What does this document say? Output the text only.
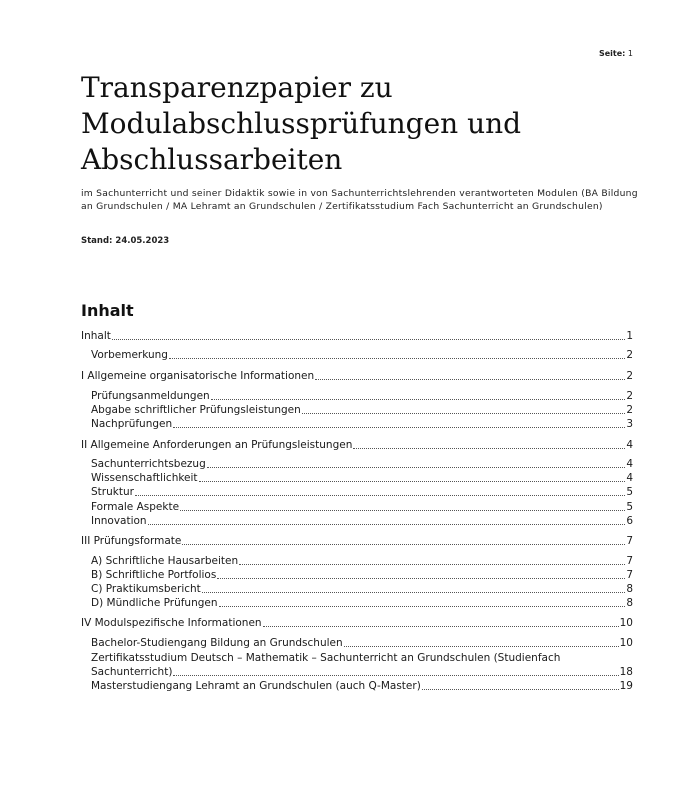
Seite: 1
Transparenzpapier zu Modulabschlussprüfungen und Abschlussarbeiten

im Sachunterricht und seiner Didaktik sowie in von Sachunterrichtslehrenden verantworteten Modulen (BA Bildung an Grundschulen / MA Lehramt an Grundschulen / Zertifikatsstudium Fach Sachunterricht an Grundschulen)

Stand: 24.05.2023
Inhalt
Inhalt	1
Vorbemerkung	2
I Allgemeine organisatorische Informationen	2
Prüfungsanmeldungen	2
Abgabe schriftlicher Prüfungsleistungen	2
Nachprüfungen	3
II Allgemeine Anforderungen an Prüfungsleistungen	4
Sachunterrichtsbezug	4
Wissenschaftlichkeit	4
Struktur	5
Formale Aspekte	5
Innovation	6
III Prüfungsformate	7
A) Schriftliche Hausarbeiten	7
B) Schriftliche Portfolios	7
C) Praktikumsbericht	8
D) Mündliche Prüfungen	8
IV Modulspezifische Informationen	10
Bachelor-Studiengang Bildung an Grundschulen	10
Zertifikatsstudium Deutsch – Mathematik – Sachunterricht an Grundschulen (Studienfach
Sachunterricht)	18
Masterstudiengang Lehramt an Grundschulen (auch Q-Master)	19
